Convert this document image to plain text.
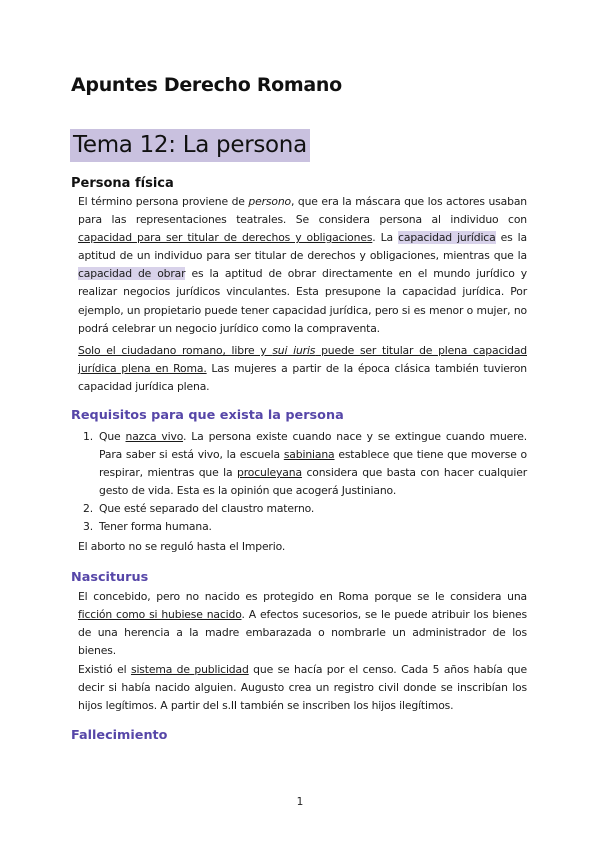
Apuntes Derecho Romano
Tema 12: La persona
Persona física

El término persona proviene de persono, que era la máscara que los actores usaban para las representaciones teatrales. Se considera persona al individuo con capacidad para ser titular de derechos y obligaciones. La capacidad jurídica es la aptitud de un individuo para ser titular de derechos y obligaciones, mientras que la capacidad de obrar es la aptitud de obrar directamente en el mundo jurídico y realizar negocios jurídicos vinculantes. Esta presupone la capacidad jurídica. Por ejemplo, un propietario puede tener capacidad jurídica, pero si es menor o mujer, no podrá celebrar un negocio jurídico como la compraventa.

Solo el ciudadano romano, libre y sui iuris puede ser titular de plena capacidad jurídica plena en Roma. Las mujeres a partir de la época clásica también tuvieron capacidad jurídica plena.

Requisitos para que exista la persona
1. Que nazca vivo. La persona existe cuando nace y se extingue cuando muere. Para saber si está vivo, la escuela sabiniana establece que tiene que moverse o respirar, mientras que la proculeyana considera que basta con hacer cualquier gesto de vida. Esta es la opinión que acogerá Justiniano.
2. Que esté separado del claustro materno.
3. Tener forma humana.

El aborto no se reguló hasta el Imperio.

Nasciturus

El concebido, pero no nacido es protegido en Roma porque se le considera una ficción como si hubiese nacido. A efectos sucesorios, se le puede atribuir los bienes de una herencia a la madre embarazada o nombrarle un administrador de los bienes.

Existió el sistema de publicidad que se hacía por el censo. Cada 5 años había que decir si había nacido alguien. Augusto crea un registro civil donde se inscribían los hijos legítimos. A partir del s.II también se inscriben los hijos ilegítimos.

Fallecimiento
1
